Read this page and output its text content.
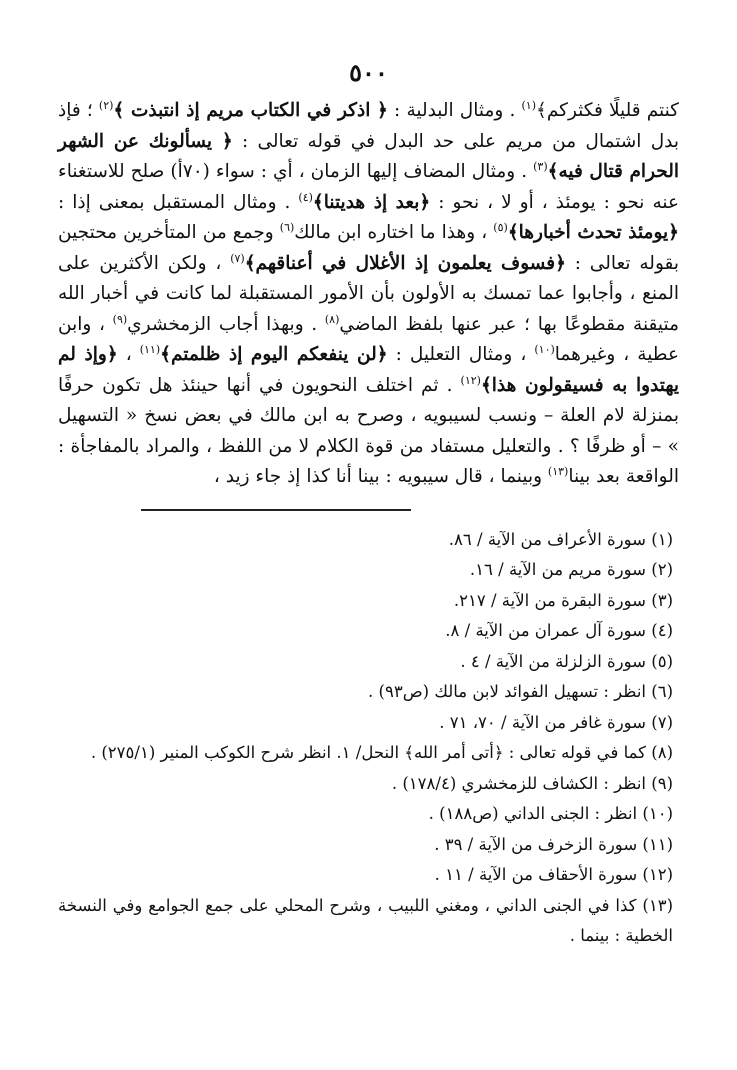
٥٠٠

كنتم قليلًا فكثركم﴾$^{(١)}$ . ومثال البدلية : ﴿ اذكر في الكتاب مريم إذ انتبذت ﴾$^{(٢)}$ ؛ فإذ بدل اشتمال من مريم على حد البدل في قوله تعالى : ﴿ يسألونك عن الشهر الحرام قتال فيه﴾$^{(٣)}$ . ومثال المضاف إليها الزمان ، أي : سواء (٧٠أ) صلح للاستغناء عنه نحو : يومئذ ، أو لا ، نحو : ﴿بعد إذ هديتنا﴾$^{(٤)}$ . ومثال المستقبل بمعنى إذا : ﴿يومئذ تحدث أخبارها﴾$^{(٥)}$ ، وهذا ما اختاره ابن مالك$^{(٦)}$ وجمع من المتأخرين محتجين بقوله تعالى : ﴿فسوف يعلمون إذ الأغلال في أعناقهم﴾$^{(٧)}$ ، ولكن الأكثرين على المنع ، وأجابوا عما تمسك به الأولون بأن الأمور المستقبلة لما كانت في أخبار الله متيقنة مقطوعًا بها ؛ عبر عنها بلفظ الماضي$^{(٨)}$ . وبهذا أجاب الزمخشري$^{(٩)}$ ، وابن عطية ، وغيرهما$^{(١٠)}$ ، ومثال التعليل : ﴿لن ينفعكم اليوم إذ ظلمتم﴾$^{(١١)}$ ، ﴿وإذ لم يهتدوا به فسيقولون هذا﴾$^{(١٢)}$ . ثم اختلف النحويون في أنها حينئذ هل تكون حرفًا بمنزلة لام العلة – ونسب لسيبويه ، وصرح به ابن مالك في بعض نسخ « التسهيل » – أو ظرفًا ؟ . والتعليل مستفاد من قوة الكلام لا من اللفظ ، والمراد بالمفاجأة : الواقعة بعد بينا$^{(١٣)}$ وبينما ، قال سيبويه : بينا أنا كذا إذ جاء زيد ،

(١) سورة الأعراف من الآية / ٨٦.

(٢) سورة مريم من الآية / ١٦.

(٣) سورة البقرة من الآية / ٢١٧.

(٤) سورة آل عمران من الآية / ٨.

(٥) سورة الزلزلة من الآية / ٤ .

(٦) انظر : تسهيل الفوائد لابن مالك (ص٩٣) .

(٧) سورة غافر من الآية / ٧٠، ٧١ .

(٨) كما في قوله تعالى : ﴿أتى أمر الله﴾ النحل/ ١. انظر شرح الكوكب المنير (٢٧٥/١) .

(٩) انظر : الكشاف للزمخشري (١٧٨/٤) .

(١٠) انظر : الجنى الداني (ص١٨٨) .

(١١) سورة الزخرف من الآية / ٣٩ .

(١٢) سورة الأحقاف من الآية / ١١ .

(١٣) كذا في الجنى الداني ، ومغني اللبيب ، وشرح المحلي على جمع الجوامع وفي النسخة الخطية : بينما .
